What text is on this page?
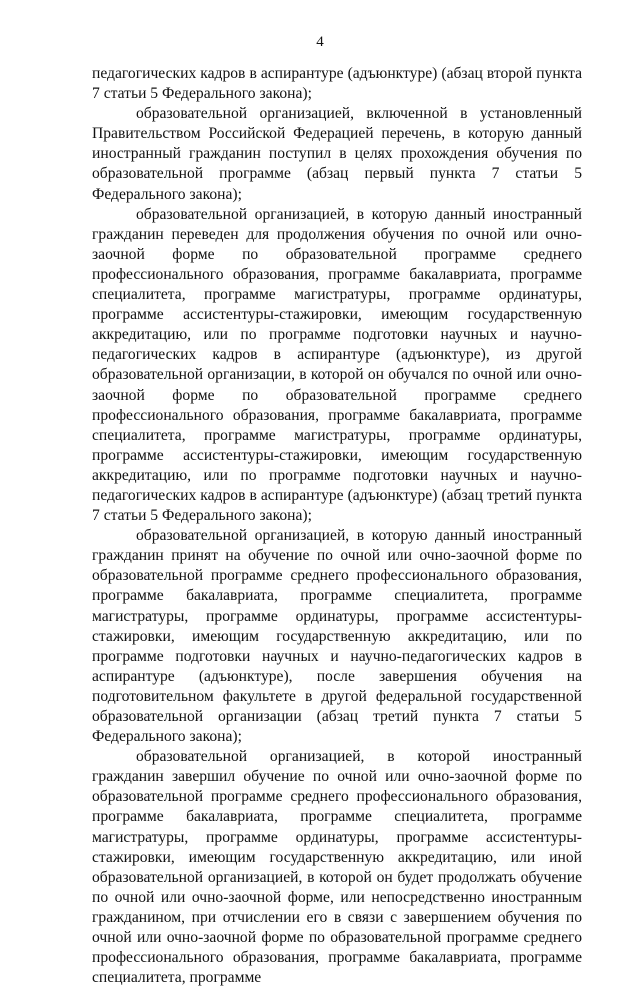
4

педагогических кадров в аспирантуре (адъюнктуре) (абзац второй пункта 7 статьи 5 Федерального закона);

образовательной организацией, включенной в установленный Правительством Российской Федерацией перечень, в которую данный иностранный гражданин поступил в целях прохождения обучения по образовательной программе (абзац первый пункта 7 статьи 5 Федерального закона);

образовательной организацией, в которую данный иностранный гражданин переведен для продолжения обучения по очной или очно-заочной форме по образовательной программе среднего профессионального образования, программе бакалавриата, программе специалитета, программе магистратуры, программе ординатуры, программе ассистентуры-стажировки, имеющим государственную аккредитацию, или по программе подготовки научных и научно-педагогических кадров в аспирантуре (адъюнктуре), из другой образовательной организации, в которой он обучался по очной или очно-заочной форме по образовательной программе среднего профессионального образования, программе бакалавриата, программе специалитета, программе магистратуры, программе ординатуры, программе ассистентуры-стажировки, имеющим государственную аккредитацию, или по программе подготовки научных и научно-педагогических кадров в аспирантуре (адъюнктуре) (абзац третий пункта 7 статьи 5 Федерального закона);

образовательной организацией, в которую данный иностранный гражданин принят на обучение по очной или очно-заочной форме по образовательной программе среднего профессионального образования, программе бакалавриата, программе специалитета, программе магистратуры, программе ординатуры, программе ассистентуры-стажировки, имеющим государственную аккредитацию, или по программе подготовки научных и научно-педагогических кадров в аспирантуре (адъюнктуре), после завершения обучения на подготовительном факультете в другой федеральной государственной образовательной организации (абзац третий пункта 7 статьи 5 Федерального закона);

образовательной организацией, в которой иностранный гражданин завершил обучение по очной или очно-заочной форме по образовательной программе среднего профессионального образования, программе бакалавриата, программе специалитета, программе магистратуры, программе ординатуры, программе ассистентуры-стажировки, имеющим государственную аккредитацию, или иной образовательной организацией, в которой он будет продолжать обучение по очной или очно-заочной форме, или непосредственно иностранным гражданином, при отчислении его в связи с завершением обучения по очной или очно-заочной форме по образовательной программе среднего профессионального образования, программе бакалавриата, программе специалитета, программе
